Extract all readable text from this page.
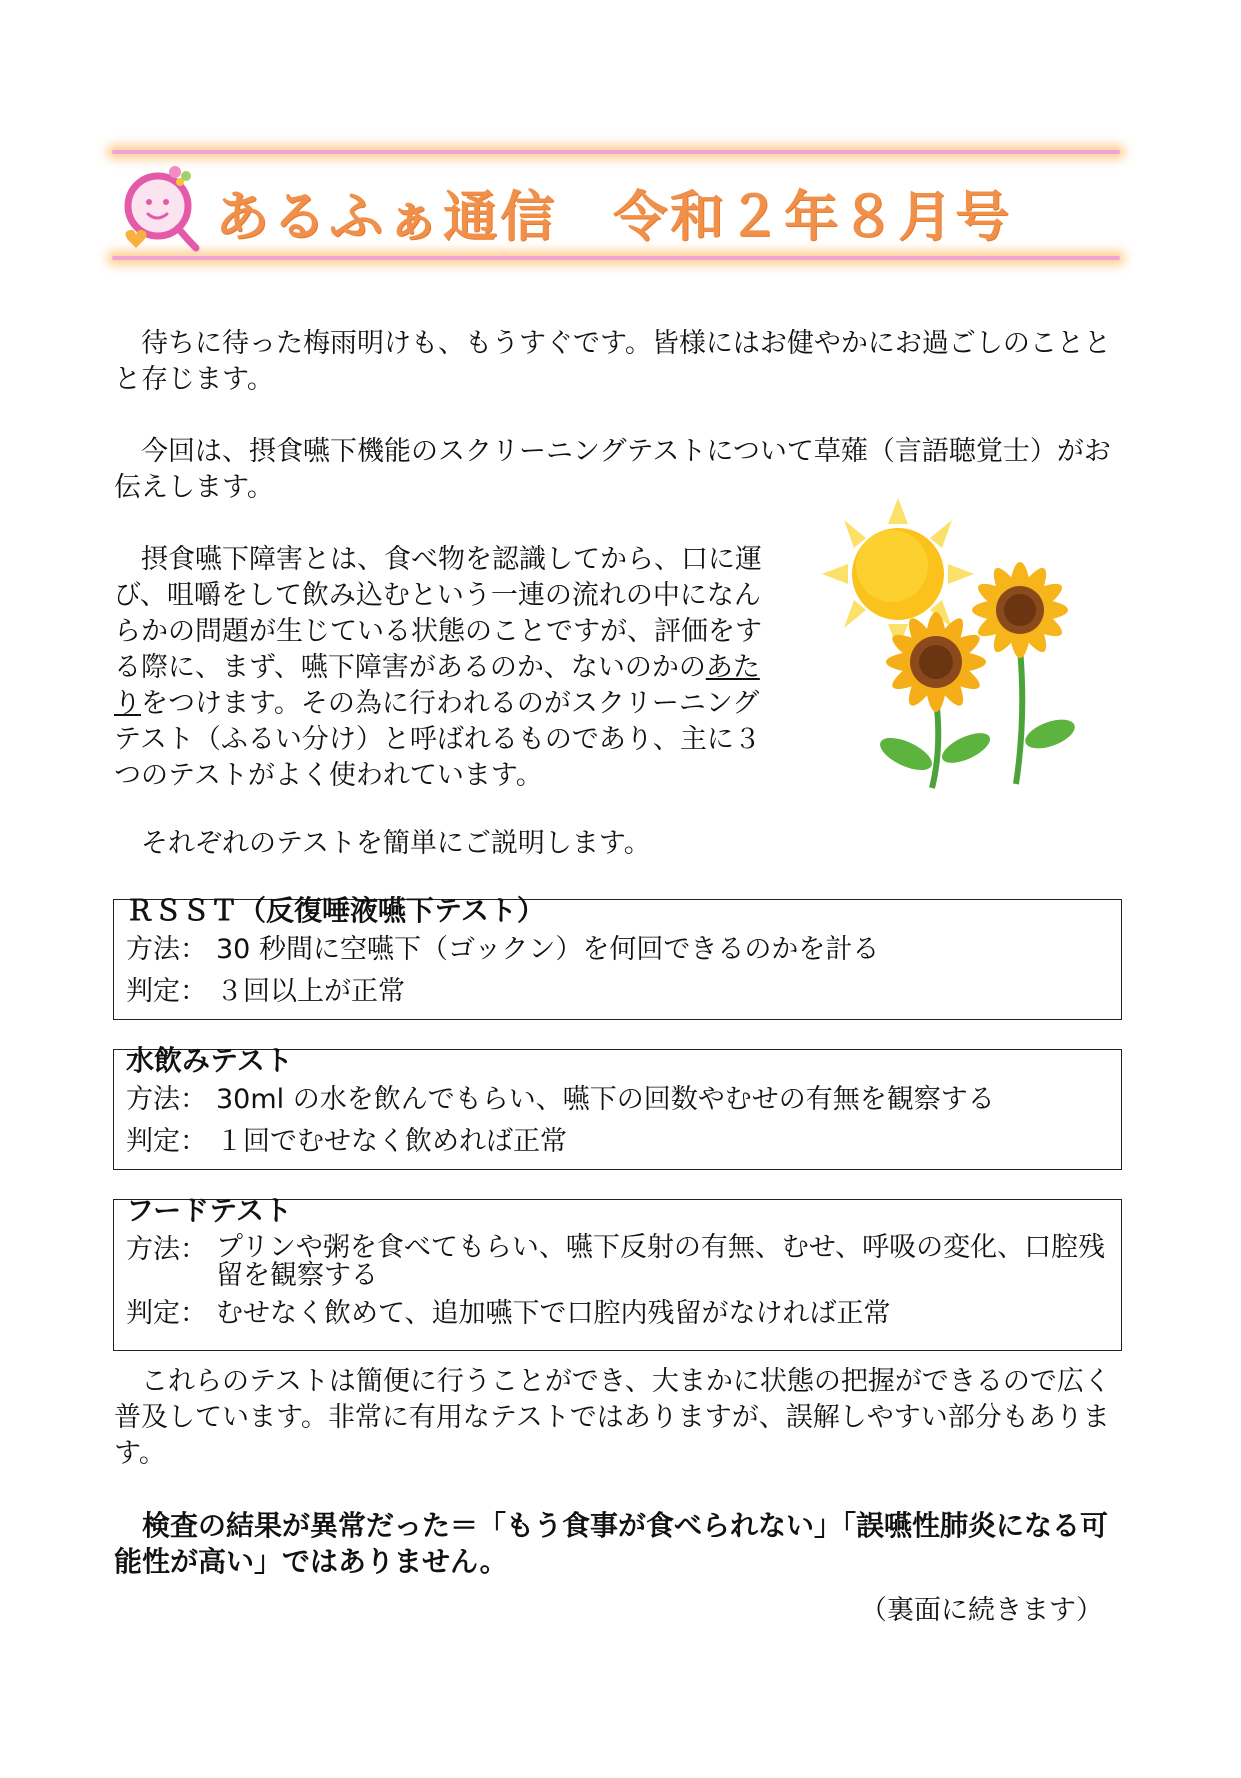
あるふぁ通信 令和２年８月号

　待ちに待った梅雨明けも、もうすぐです。皆様にはお健やかにお過ごしのこととと存じます。

　今回は、摂食嚥下機能のスクリーニングテストについて草薙（言語聴覚士）がお伝えします。

　摂食嚥下障害とは、食べ物を認識してから、口に運び、咀嚼をして飲み込むという一連の流れの中になんらかの問題が生じている状態のことですが、評価をする際に、まず、嚥下障害があるのか、ないのかのあたりをつけます。その為に行われるのがスクリーニングテスト（ふるい分け）と呼ばれるものであり、主に３つのテストがよく使われています。

　それぞれのテストを簡単にご説明します。

ＲＳＳＴ（反復唾液嚥下テスト）
方法： 30 秒間に空嚥下（ゴックン）を何回できるのかを計る
判定： ３回以上が正常
水飲みテスト
方法： 30ml の水を飲んでもらい、嚥下の回数やむせの有無を観察する
判定： １回でむせなく飲めれば正常
フードテスト
方法： プリンや粥を食べてもらい、嚥下反射の有無、むせ、呼吸の変化、口腔残留を観察する
判定： むせなく飲めて、追加嚥下で口腔内残留がなければ正常

　これらのテストは簡便に行うことができ、大まかに状態の把握ができるので広く普及しています。非常に有用なテストではありますが、誤解しやすい部分もあります。

　検査の結果が異常だった＝「もう食事が食べられない」「誤嚥性肺炎になる可能性が高い」ではありません。

（裏面に続きます）
